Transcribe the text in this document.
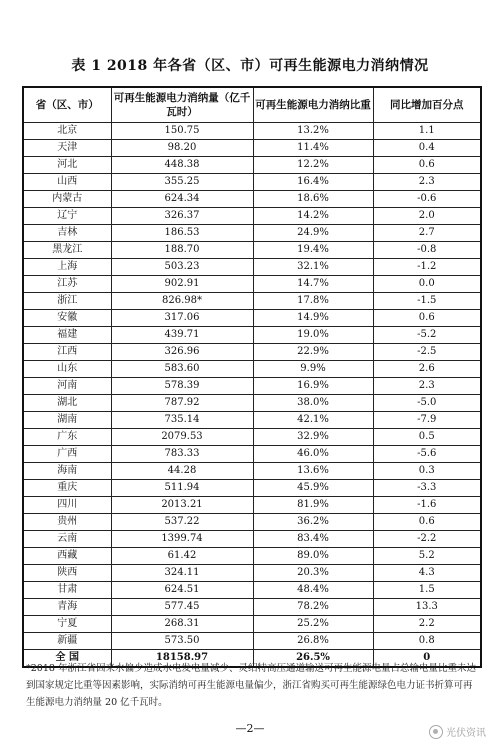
表 1 2018 年各省（区、市）可再生能源电力消纳情况
省（区、市）	可再生能源电力消纳量（亿千瓦时）	可再生能源电力消纳比重	同比增加百分点
北京	150.75	13.2%	1.1
天津	98.20	11.4%	0.4
河北	448.38	12.2%	0.6
山西	355.25	16.4%	2.3
内蒙古	624.34	18.6%	-0.6
辽宁	326.37	14.2%	2.0
吉林	186.53	24.9%	2.7
黑龙江	188.70	19.4%	-0.8
上海	503.23	32.1%	-1.2
江苏	902.91	14.7%	0.0
浙江	826.98*	17.8%	-1.5
安徽	317.06	14.9%	0.6
福建	439.71	19.0%	-5.2
江西	326.96	22.9%	-2.5
山东	583.60	9.9%	2.6
河南	578.39	16.9%	2.3
湖北	787.92	38.0%	-5.0
湖南	735.14	42.1%	-7.9
广东	2079.53	32.9%	0.5
广西	783.33	46.0%	-5.6
海南	44.28	13.6%	0.3
重庆	511.94	45.9%	-3.3
四川	2013.21	81.9%	-1.6
贵州	537.22	36.2%	0.6
云南	1399.74	83.4%	-2.2
西藏	61.42	89.0%	5.2
陕西	324.11	20.3%	4.3
甘肃	624.51	48.4%	1.5
青海	577.45	78.2%	13.3
宁夏	268.31	25.2%	2.2
新疆	573.50	26.8%	0.8
全 国	18158.97	26.5%	0
*2018 年浙江省因来水偏少造成水电发电量减少、灵绍特高压通道输送可再生能源电量占总输电量比重未达到国家规定比重等因素影响，实际消纳可再生能源电量偏少，浙江省购买可再生能源绿色电力证书折算可再生能源电力消纳量 20 亿千瓦时。
—2—	光伏资讯
